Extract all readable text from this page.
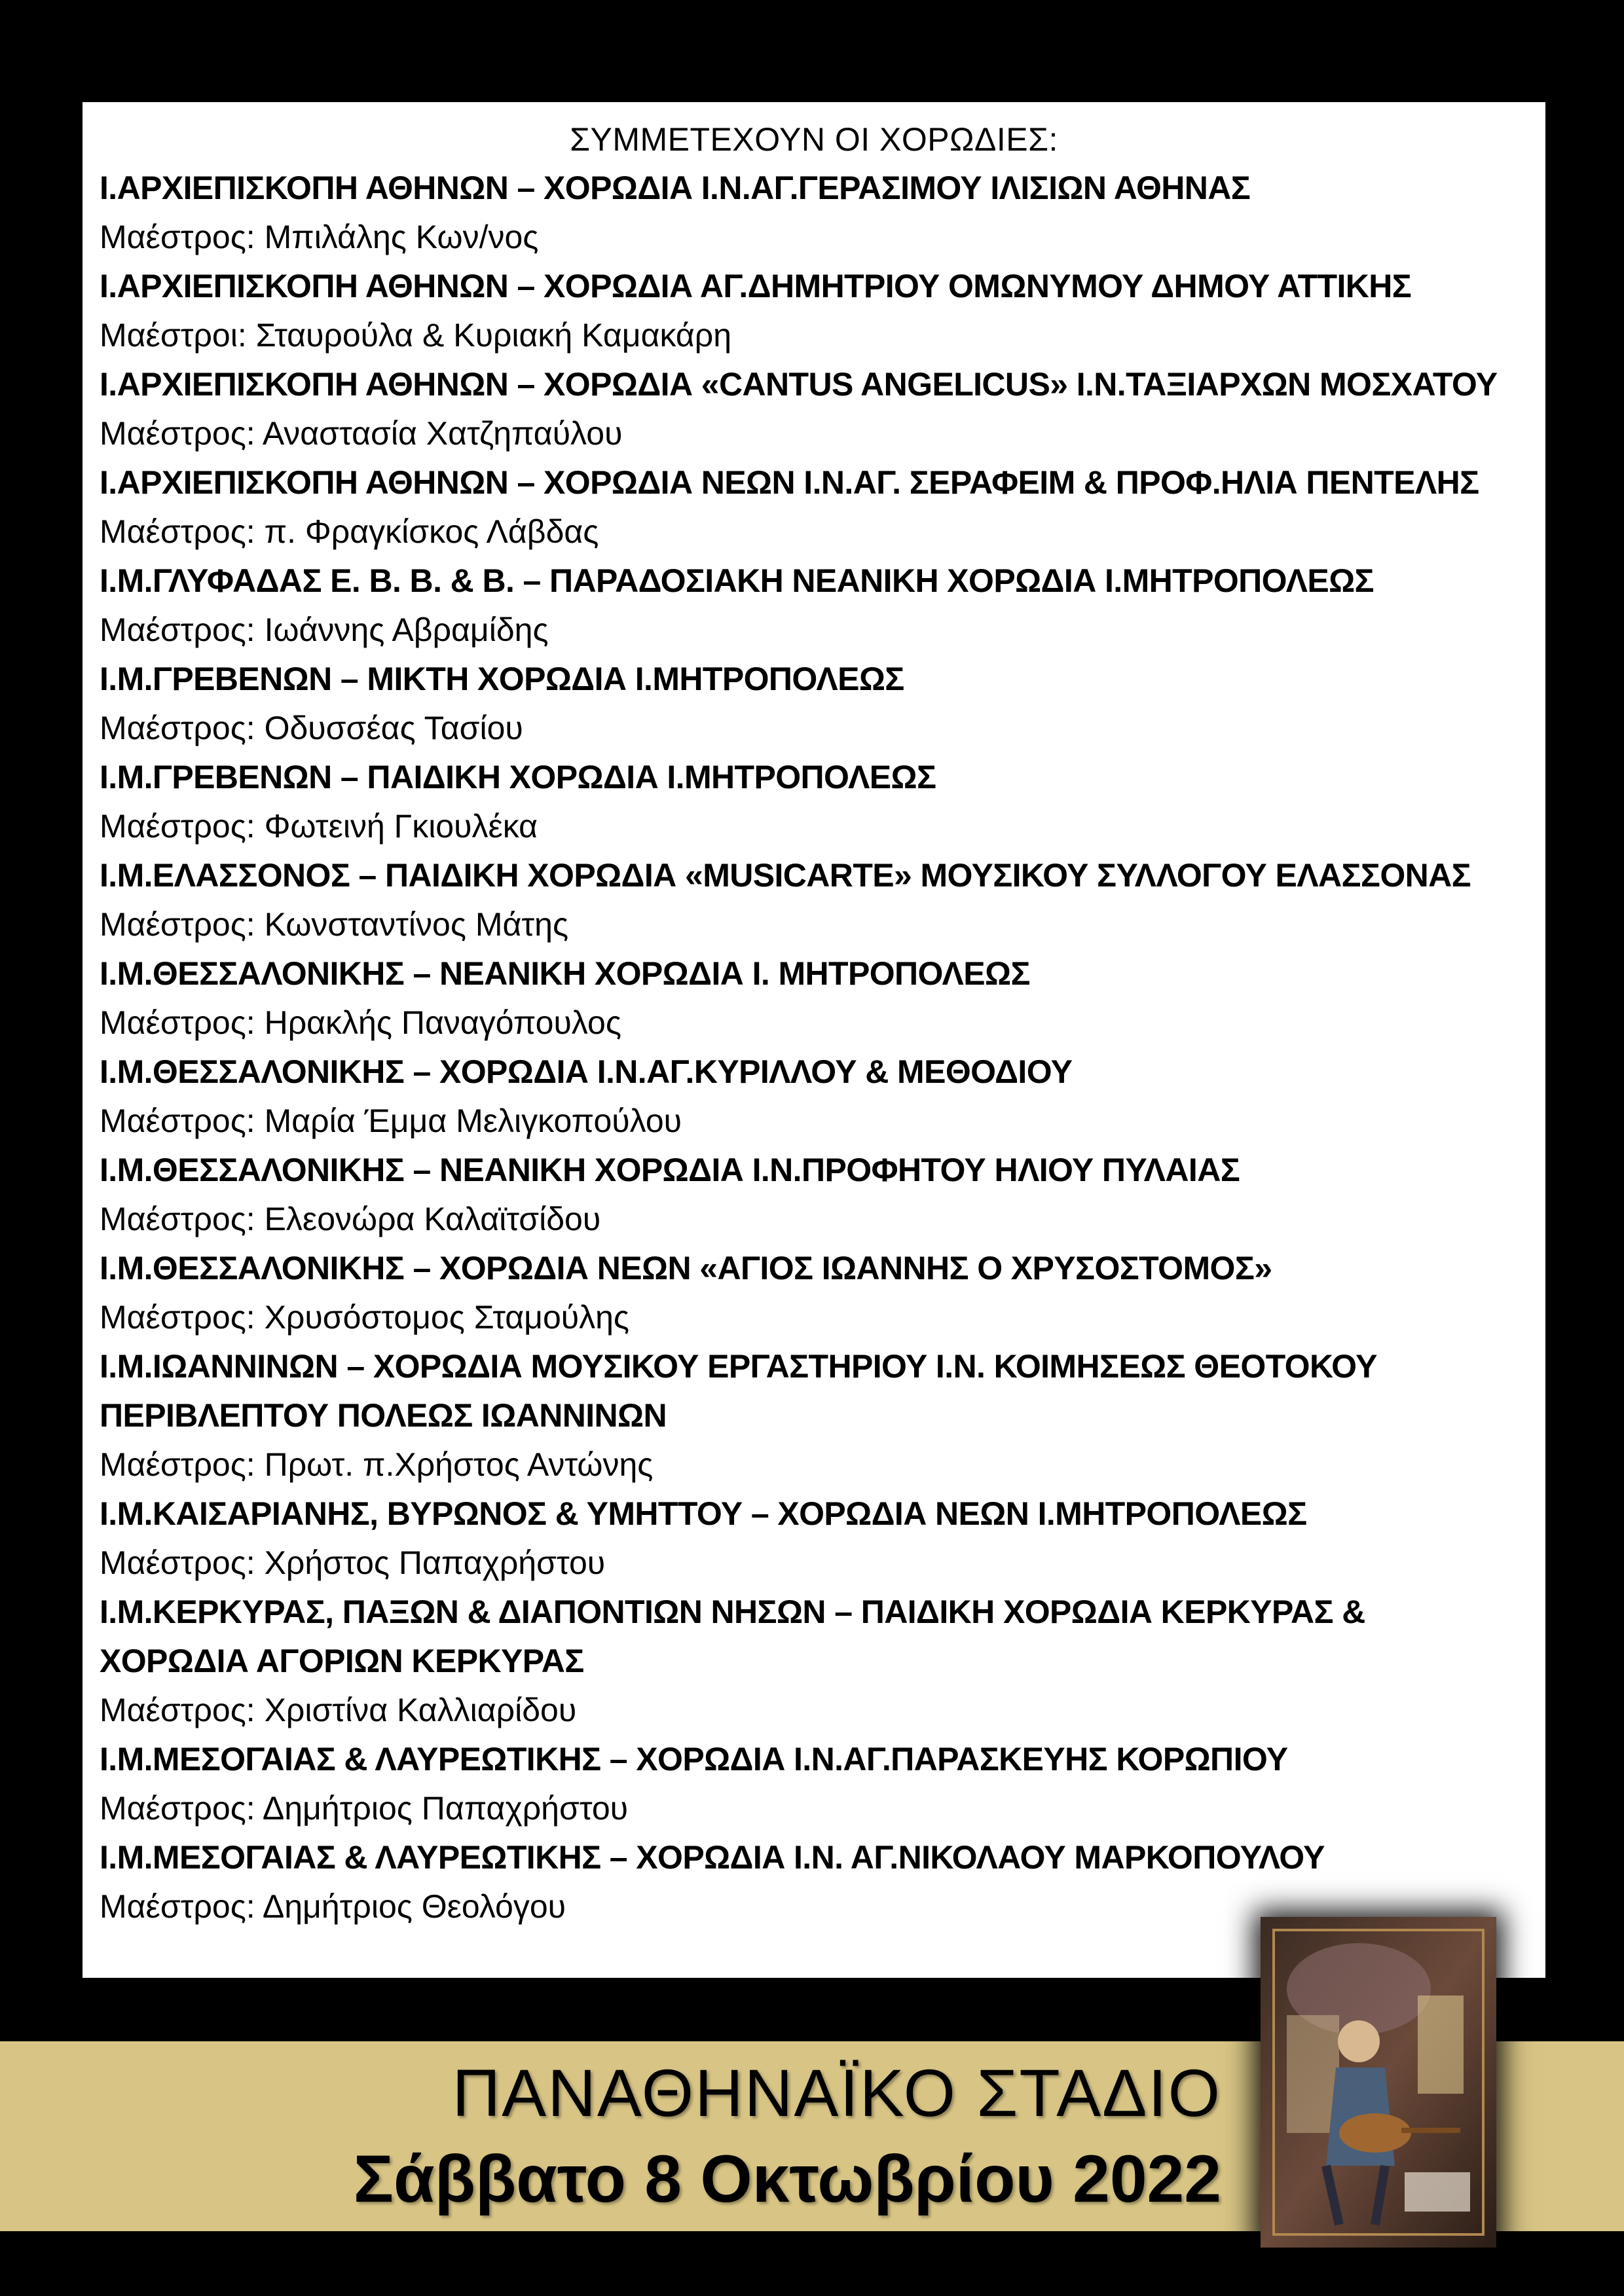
ΣΥΜΜΕΤΕΧΟΥΝ ΟΙ ΧΟΡΩΔΙΕΣ:
Ι.ΑΡΧΙΕΠΙΣΚΟΠΗ ΑΘΗΝΩΝ – ΧΟΡΩΔΙΑ Ι.Ν.ΑΓ.ΓΕΡΑΣΙΜΟΥ ΙΛΙΣΙΩΝ ΑΘΗΝΑΣ
Μαέστρος: Μπιλάλης Κων/νος
Ι.ΑΡΧΙΕΠΙΣΚΟΠΗ ΑΘΗΝΩΝ – ΧΟΡΩΔΙΑ ΑΓ.ΔΗΜΗΤΡΙΟΥ ΟΜΩΝΥΜΟΥ ΔΗΜΟΥ ΑΤΤΙΚΗΣ
Μαέστροι: Σταυρούλα & Κυριακή Καμακάρη
Ι.ΑΡΧΙΕΠΙΣΚΟΠΗ ΑΘΗΝΩΝ – ΧΟΡΩΔΙΑ «CANTUS ANGELICUS» Ι.Ν.ΤΑΞΙΑΡΧΩΝ ΜΟΣΧΑΤΟΥ
Μαέστρος: Αναστασία Χατζηπαύλου
Ι.ΑΡΧΙΕΠΙΣΚΟΠΗ ΑΘΗΝΩΝ – ΧΟΡΩΔΙΑ ΝΕΩΝ Ι.Ν.ΑΓ. ΣΕΡΑΦΕΙΜ & ΠΡΟΦ.ΗΛΙΑ ΠΕΝΤΕΛΗΣ
Μαέστρος: π. Φραγκίσκος Λάβδας
Ι.Μ.ΓΛΥΦΑΔΑΣ Ε. Β. Β. & Β. – ΠΑΡΑΔΟΣΙΑΚΗ ΝΕΑΝΙΚΗ ΧΟΡΩΔΙΑ Ι.ΜΗΤΡΟΠΟΛΕΩΣ
Μαέστρος: Ιωάννης Αβραμίδης
Ι.Μ.ΓΡΕΒΕΝΩΝ – ΜΙΚΤΗ ΧΟΡΩΔΙΑ Ι.ΜΗΤΡΟΠΟΛΕΩΣ
Μαέστρος: Οδυσσέας Τασίου
Ι.Μ.ΓΡΕΒΕΝΩΝ – ΠΑΙΔΙΚΗ ΧΟΡΩΔΙΑ Ι.ΜΗΤΡΟΠΟΛΕΩΣ
Μαέστρος: Φωτεινή Γκιουλέκα
Ι.Μ.ΕΛΑΣΣΟΝΟΣ – ΠΑΙΔΙΚΗ ΧΟΡΩΔΙΑ «MUSICARTE» ΜΟΥΣΙΚΟΥ ΣΥΛΛΟΓΟΥ ΕΛΑΣΣΟΝΑΣ
Μαέστρος: Κωνσταντίνος Μάτης
Ι.Μ.ΘΕΣΣΑΛΟΝΙΚΗΣ – ΝΕΑΝΙΚΗ ΧΟΡΩΔΙΑ Ι. ΜΗΤΡΟΠΟΛΕΩΣ
Μαέστρος: Ηρακλής Παναγόπουλος
Ι.Μ.ΘΕΣΣΑΛΟΝΙΚΗΣ – ΧΟΡΩΔΙΑ Ι.Ν.ΑΓ.ΚΥΡΙΛΛΟΥ & ΜΕΘΟΔΙΟΥ
Μαέστρος: Μαρία Έμμα Μελιγκοπούλου
Ι.Μ.ΘΕΣΣΑΛΟΝΙΚΗΣ – ΝΕΑΝΙΚΗ ΧΟΡΩΔΙΑ Ι.Ν.ΠΡΟΦΗΤΟΥ ΗΛΙΟΥ ΠΥΛΑΙΑΣ
Μαέστρος: Ελεονώρα Καλαϊτσίδου
Ι.Μ.ΘΕΣΣΑΛΟΝΙΚΗΣ – ΧΟΡΩΔΙΑ ΝΕΩΝ «ΑΓΙΟΣ ΙΩΑΝΝΗΣ Ο ΧΡΥΣΟΣΤΟΜΟΣ»
Μαέστρος: Χρυσόστομος Σταμούλης
Ι.Μ.ΙΩΑΝΝΙΝΩΝ – ΧΟΡΩΔΙΑ ΜΟΥΣΙΚΟΥ ΕΡΓΑΣΤΗΡΙΟΥ Ι.Ν. ΚΟΙΜΗΣΕΩΣ ΘΕΟΤΟΚΟΥ
ΠΕΡΙΒΛΕΠΤΟΥ ΠΟΛΕΩΣ ΙΩΑΝΝΙΝΩΝ
Μαέστρος: Πρωτ. π.Χρήστος Αντώνης
Ι.Μ.ΚΑΙΣΑΡΙΑΝΗΣ, ΒΥΡΩΝΟΣ & ΥΜΗΤΤΟΥ – ΧΟΡΩΔΙΑ ΝΕΩΝ Ι.ΜΗΤΡΟΠΟΛΕΩΣ
Μαέστρος: Χρήστος Παπαχρήστου
Ι.Μ.ΚΕΡΚΥΡΑΣ, ΠΑΞΩΝ & ΔΙΑΠΟΝΤΙΩΝ ΝΗΣΩΝ – ΠΑΙΔΙΚΗ ΧΟΡΩΔΙΑ ΚΕΡΚΥΡΑΣ &
ΧΟΡΩΔΙΑ ΑΓΟΡΙΩΝ ΚΕΡΚΥΡΑΣ
Μαέστρος: Χριστίνα Καλλιαρίδου
Ι.Μ.ΜΕΣΟΓΑΙΑΣ & ΛΑΥΡΕΩΤΙΚΗΣ – ΧΟΡΩΔΙΑ Ι.Ν.ΑΓ.ΠΑΡΑΣΚΕΥΗΣ ΚΟΡΩΠΙΟΥ
Μαέστρος: Δημήτριος Παπαχρήστου
Ι.Μ.ΜΕΣΟΓΑΙΑΣ & ΛΑΥΡΕΩΤΙΚΗΣ – ΧΟΡΩΔΙΑ Ι.Ν. ΑΓ.ΝΙΚΟΛΑΟΥ ΜΑΡΚΟΠΟΥΛΟΥ
Μαέστρος: Δημήτριος Θεολόγου
ΠΑΝΑΘΗΝΑΪΚΟ ΣΤΑΔΙΟ
Σάββατο 8 Οκτωβρίου 2022
